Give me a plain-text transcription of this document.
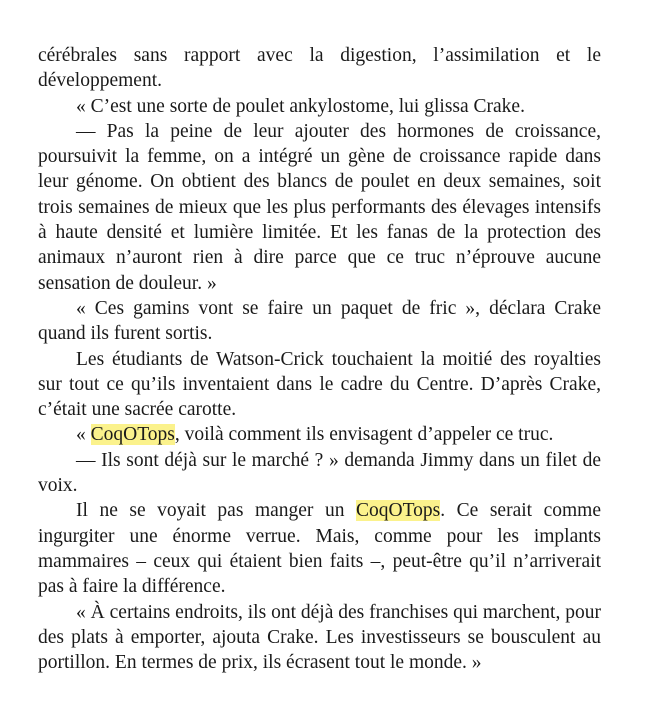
cérébrales sans rapport avec la digestion, l’assimilation et le développement.

« C’est une sorte de poulet ankylostome, lui glissa Crake.

— Pas la peine de leur ajouter des hormones de croissance, poursuivit la femme, on a intégré un gène de croissance rapide dans leur génome. On obtient des blancs de poulet en deux semaines, soit trois semaines de mieux que les plus performants des élevages intensifs à haute densité et lumière limitée. Et les fanas de la protection des animaux n’auront rien à dire parce que ce truc n’éprouve aucune sensation de douleur. »

« Ces gamins vont se faire un paquet de fric », déclara Crake quand ils furent sortis.

Les étudiants de Watson-Crick touchaient la moitié des royalties sur tout ce qu’ils inventaient dans le cadre du Centre. D’après Crake, c’était une sacrée carotte.

« CoqOTops, voilà comment ils envisagent d’appeler ce truc.

— Ils sont déjà sur le marché ? » demanda Jimmy dans un filet de voix.

Il ne se voyait pas manger un CoqOTops. Ce serait comme ingurgiter une énorme verrue. Mais, comme pour les implants mammaires – ceux qui étaient bien faits –, peut-être qu’il n’arriverait pas à faire la différence.

« À certains endroits, ils ont déjà des franchises qui marchent, pour des plats à emporter, ajouta Crake. Les investisseurs se bousculent au portillon. En termes de prix, ils écrasent tout le monde. »
